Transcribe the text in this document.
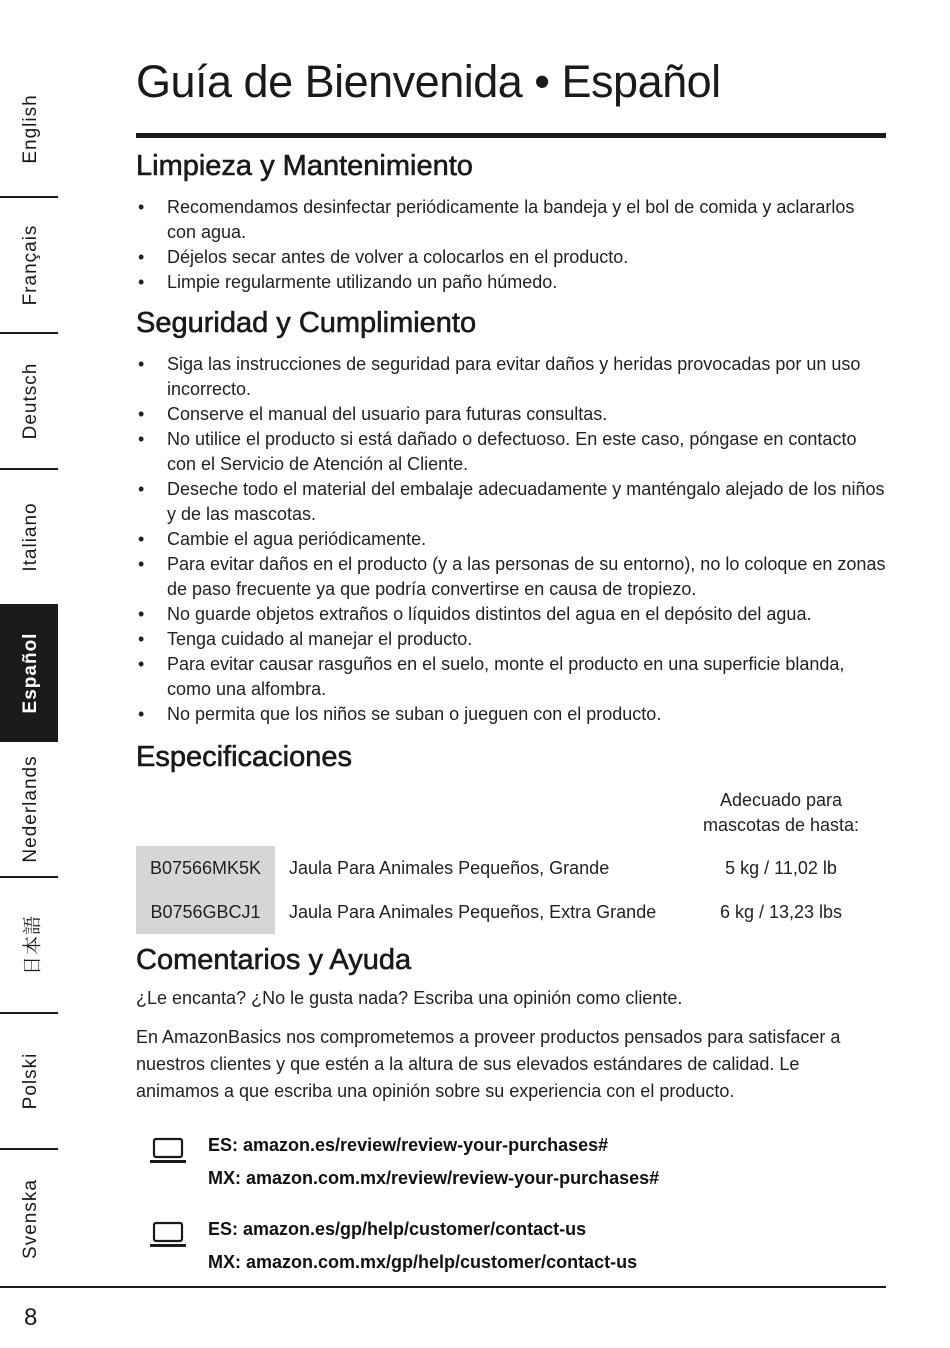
English
Français
Deutsch
Italiano
Español
Nederlands
日本語
Polski
Svenska
Guía de Bienvenida • Español
Limpieza y Mantenimiento
• Recomendamos desinfectar periódicamente la bandeja y el bol de comida y aclararlos con agua.
• Déjelos secar antes de volver a colocarlos en el producto.
• Limpie regularmente utilizando un paño húmedo.
Seguridad y Cumplimiento
• Siga las instrucciones de seguridad para evitar daños y heridas provocadas por un uso incorrecto.
• Conserve el manual del usuario para futuras consultas.
• No utilice el producto si está dañado o defectuoso. En este caso, póngase en contacto con el Servicio de Atención al Cliente.
• Deseche todo el material del embalaje adecuadamente y manténgalo alejado de los niños y de las mascotas.
• Cambie el agua periódicamente.
• Para evitar daños en el producto (y a las personas de su entorno), no lo coloque en zonas de paso frecuente ya que podría convertirse en causa de tropiezo.
• No guarde objetos extraños o líquidos distintos del agua en el depósito del agua.
• Tenga cuidado al manejar el producto.
• Para evitar causar rasguños en el suelo, monte el producto en una superficie blanda, como una alfombra.
• No permita que los niños se suban o jueguen con el producto.
Especificaciones

		Adecuado para
mascotas de hasta:

B07566MK5K	Jaula Para Animales Pequeños, Grande	5 kg / 11,02 lb
B0756GBCJ1	Jaula Para Animales Pequeños, Extra Grande	6 kg / 13,23 lbs
Comentarios y Ayuda

¿Le encanta? ¿No le gusta nada? Escriba una opinión como cliente.

En AmazonBasics nos comprometemos a proveer productos pensados para satisfacer a nuestros clientes y que estén a la altura de sus elevados estándares de calidad. Le animamos a que escriba una opinión sobre su experiencia con el producto.

ES: amazon.es/review/review-your-purchases#
MX: amazon.com.mx/review/review-your-purchases#
ES: amazon.es/gp/help/customer/contact-us
MX: amazon.com.mx/gp/help/customer/contact-us
8
